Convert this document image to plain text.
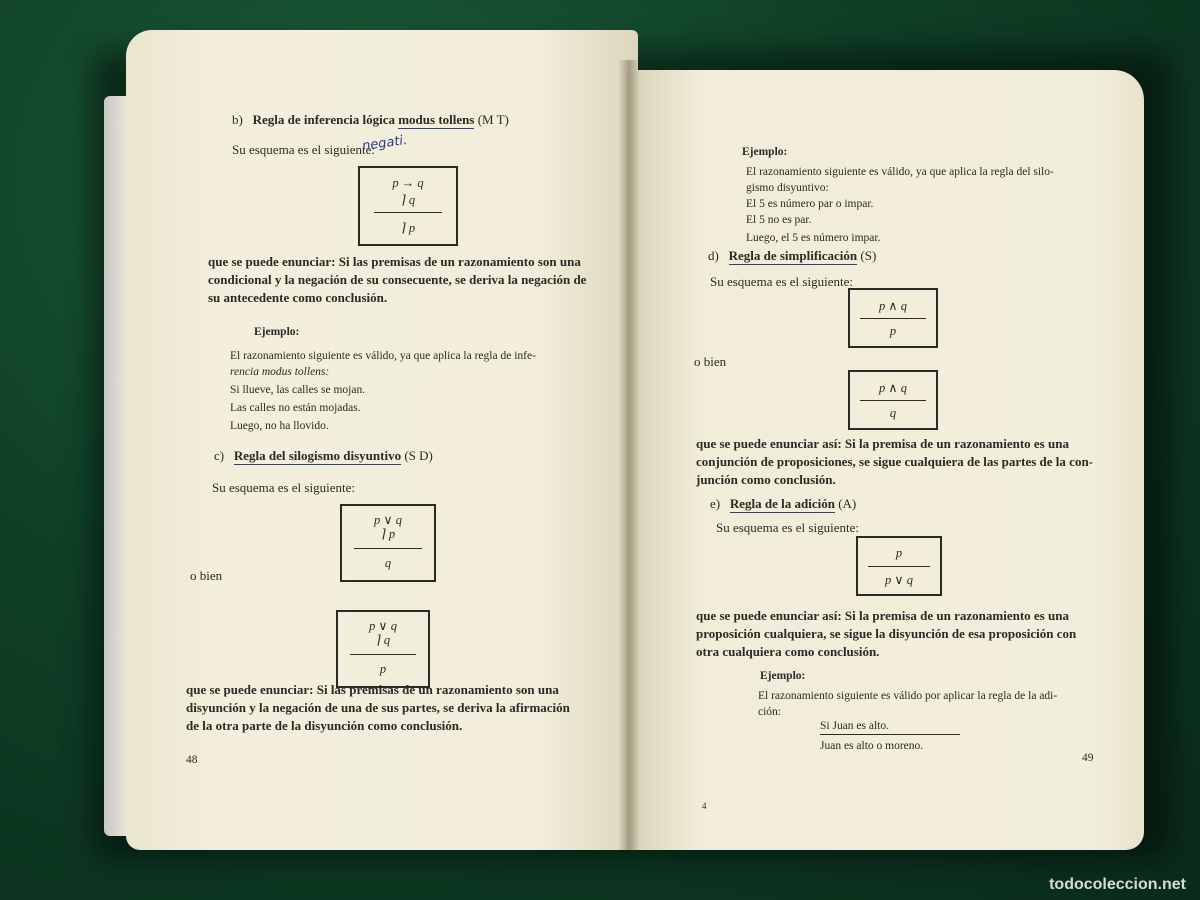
b) Regla de inferencia lógica modus tollens (M T)
Su esquema es el siguiente:
negati.
p → q
⌉ q
⌉ p
que se puede enunciar: Si las premisas de un razonamiento son una
condicional y la negación de su consecuente, se deriva la negación de
su antecedente como conclusión.
Ejemplo:
El razonamiento siguiente es válido, ya que aplica la regla de infe-
rencia modus tollens:
Si llueve, las calles se mojan.
Las calles no están mojadas.
Luego, no ha llovido.
c) Regla del silogismo disyuntivo (S D)
Su esquema es el siguiente:
p ∨ q
⌉ p
q
o bien
p ∨ q
⌉ q
p
que se puede enunciar: Si las premisas de un razonamiento son una
disyunción y la negación de una de sus partes, se deriva la afirmación
de la otra parte de la disyunción como conclusión.
48
Ejemplo:
El razonamiento siguiente es válido, ya que aplica la regla del silo-
gismo disyuntivo:
El 5 es número par o impar.
El 5 no es par.
Luego, el 5 es número impar.
d) Regla de simplificación (S)
Su esquema es el siguiente:
p ∧ q
p
o bien
p ∧ q
q
que se puede enunciar así: Si la premisa de un razonamiento es una
conjunción de proposiciones, se sigue cualquiera de las partes de la con-
junción como conclusión.
e) Regla de la adición (A)
Su esquema es el siguiente:
p
p ∨ q
que se puede enunciar así: Si la premisa de un razonamiento es una
proposición cualquiera, se sigue la disyunción de esa proposición con
otra cualquiera como conclusión.
Ejemplo:
El razonamiento siguiente es válido por aplicar la regla de la adi-
ción:
Si Juan es alto.
Juan es alto o moreno.
49
4
todocoleccion.net
